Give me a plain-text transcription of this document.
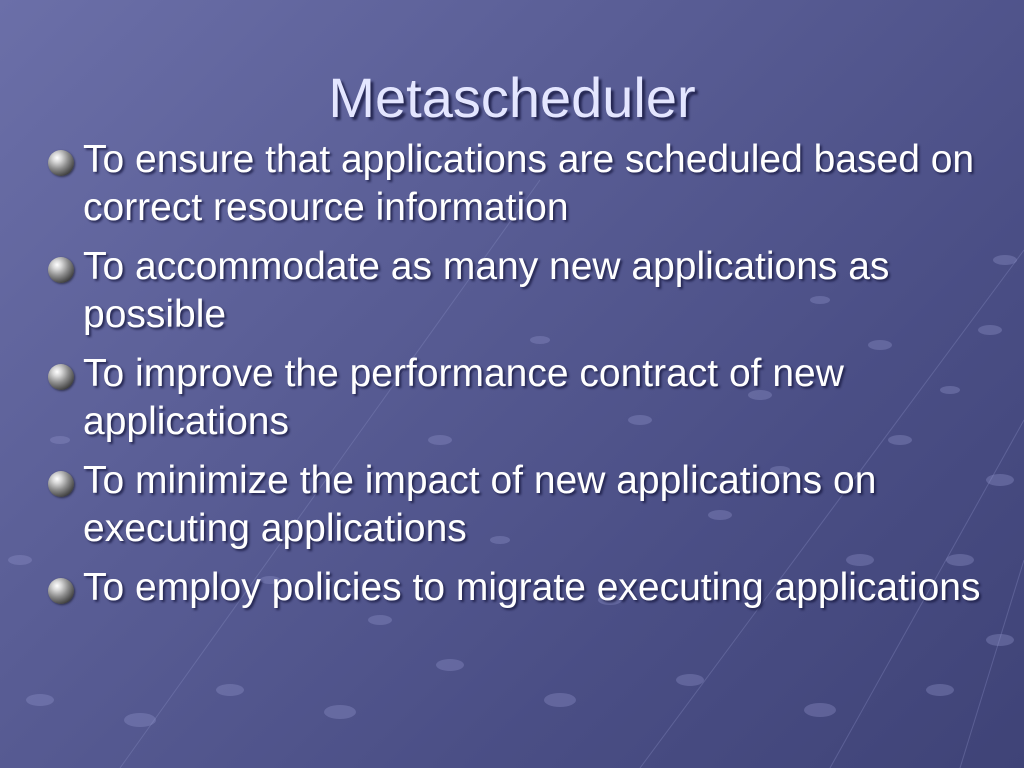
Metascheduler
To ensure that applications are scheduled based on correct resource information
To accommodate as many new applications as possible
To improve the performance contract of new applications
To minimize the impact of new applications on executing applications
To employ policies to migrate executing applications
